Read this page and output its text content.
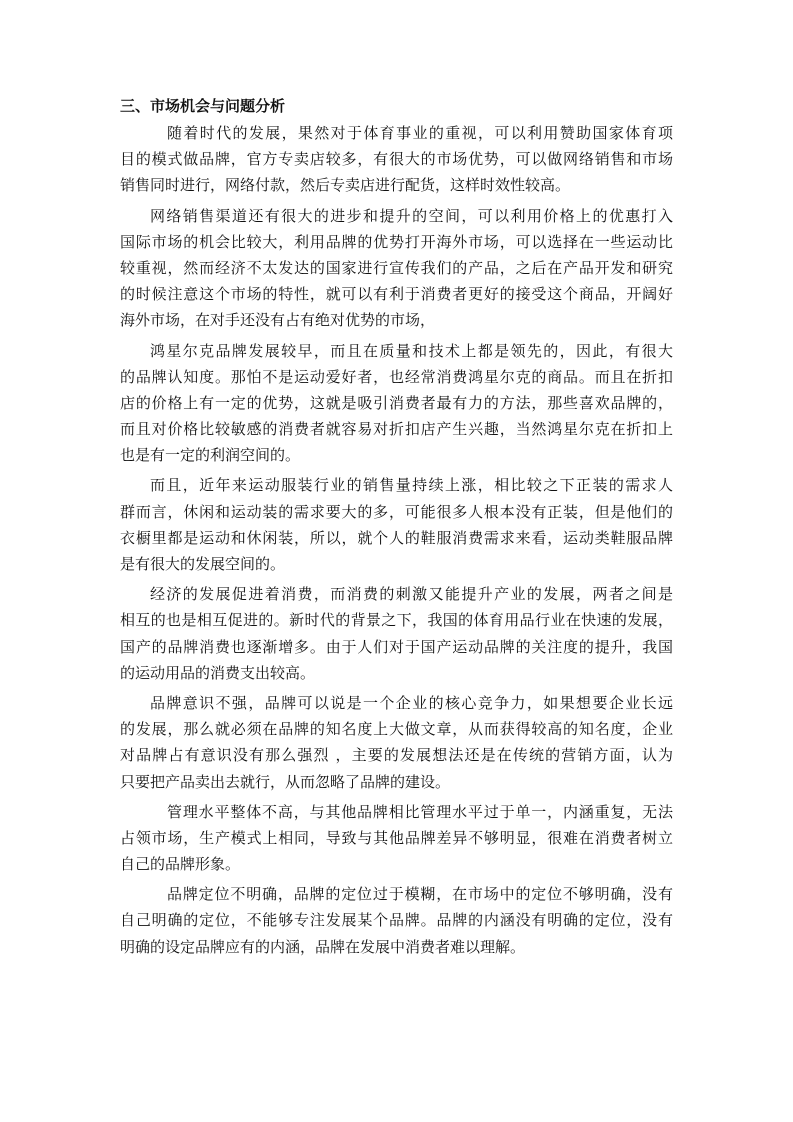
三、市场机会与问题分析
随着时代的发展，果然对于体育事业的重视，可以利用赞助国家体育项
目的模式做品牌，官方专卖店较多，有很大的市场优势，可以做网络销售和市场
销售同时进行，网络付款，然后专卖店进行配货，这样时效性较高。
网络销售渠道还有很大的进步和提升的空间，可以利用价格上的优惠打入
国际市场的机会比较大，利用品牌的优势打开海外市场，可以选择在一些运动比
较重视，然而经济不太发达的国家进行宣传我们的产品，之后在产品开发和研究
的时候注意这个市场的特性，就可以有利于消费者更好的接受这个商品，开阔好
海外市场，在对手还没有占有绝对优势的市场，
鸿星尔克品牌发展较早，而且在质量和技术上都是领先的，因此，有很大
的品牌认知度。那怕不是运动爱好者，也经常消费鸿星尔克的商品。而且在折扣
店的价格上有一定的优势，这就是吸引消费者最有力的方法，那些喜欢品牌的，
而且对价格比较敏感的消费者就容易对折扣店产生兴趣，当然鸿星尔克在折扣上
也是有一定的利润空间的。
而且，近年来运动服装行业的销售量持续上涨，相比较之下正装的需求人
群而言，休闲和运动装的需求要大的多，可能很多人根本没有正装，但是他们的
衣橱里都是运动和休闲装，所以，就个人的鞋服消费需求来看，运动类鞋服品牌
是有很大的发展空间的。
经济的发展促进着消费，而消费的刺激又能提升产业的发展，两者之间是
相互的也是相互促进的。新时代的背景之下，我国的体育用品行业在快速的发展，
国产的品牌消费也逐渐增多。由于人们对于国产运动品牌的关注度的提升，我国
的运动用品的消费支出较高。
品牌意识不强，品牌可以说是一个企业的核心竞争力，如果想要企业长远
的发展，那么就必须在品牌的知名度上大做文章，从而获得较高的知名度，企业
对品牌占有意识没有那么强烈 ，主要的发展想法还是在传统的营销方面，认为
只要把产品卖出去就行，从而忽略了品牌的建设。
管理水平整体不高，与其他品牌相比管理水平过于单一，内涵重复，无法
占领市场，生产模式上相同，导致与其他品牌差异不够明显，很难在消费者树立
自己的品牌形象。
品牌定位不明确，品牌的定位过于模糊，在市场中的定位不够明确，没有
自己明确的定位，不能够专注发展某个品牌。品牌的内涵没有明确的定位，没有
明确的设定品牌应有的内涵，品牌在发展中消费者难以理解。
